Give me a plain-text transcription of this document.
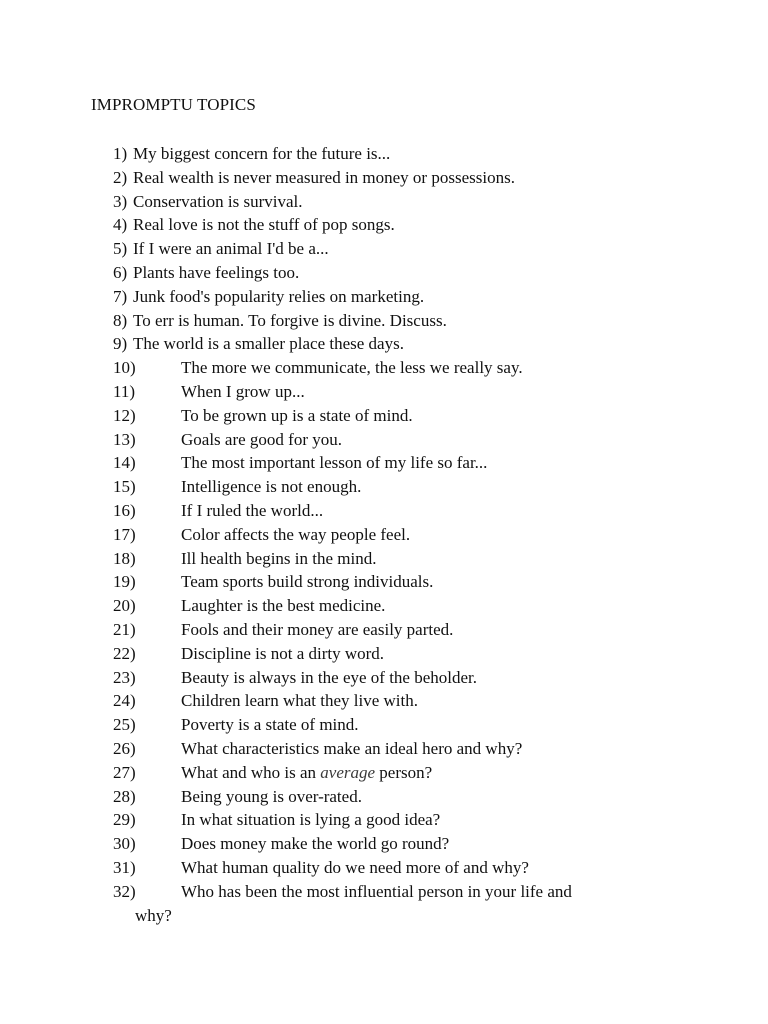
IMPROMPTU TOPICS
1) My biggest concern for the future is...
2) Real wealth is never measured in money or possessions.
3) Conservation is survival.
4) Real love is not the stuff of pop songs.
5) If I were an animal I'd be a...
6) Plants have feelings too.
7) Junk food's popularity relies on marketing.
8) To err is human. To forgive is divine. Discuss.
9) The world is a smaller place these days.
10)	The more we communicate, the less we really say.
11)	When I grow up...
12)	To be grown up is a state of mind.
13)	Goals are good for you.
14)	The most important lesson of my life so far...
15)	Intelligence is not enough.
16)	If I ruled the world...
17)	Color affects the way people feel.
18)	Ill health begins in the mind.
19)	Team sports build strong individuals.
20)	Laughter is the best medicine.
21)	Fools and their money are easily parted.
22)	Discipline is not a dirty word.
23)	Beauty is always in the eye of the beholder.
24)	Children learn what they live with.
25)	Poverty is a state of mind.
26)	What characteristics make an ideal hero and why?
27)	What and who is an average person?
28)	Being young is over-rated.
29)	In what situation is lying a good idea?
30)	Does money make the world go round?
31)	What human quality do we need more of and why?
32)	Who has been the most influential person in your life and
why?
